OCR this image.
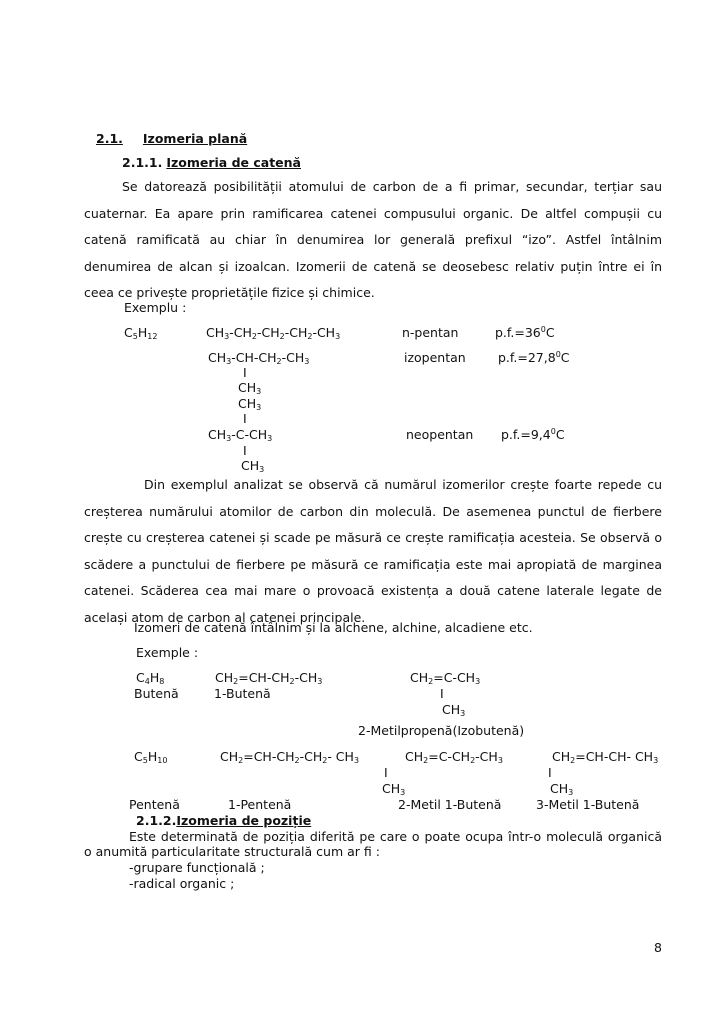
2.1. Izomeria plană
2.1.1. Izomeria de catenă
Se datorează posibilității atomului de carbon de a fi primar, secundar, terțiar sau cuaternar. Ea apare prin ramificarea catenei compusului organic. De altfel compușii cu catenă ramificată au chiar în denumirea lor generală prefixul “izo”. Astfel întâlnim denumirea de alcan și izoalcan. Izomerii de catenă se deosebesc relativ puțin între ei în ceea ce privește proprietățile fizice și chimice.
Exemplu :
$C_5H_{12}$	$CH_3-CH_2-CH_2-CH_2-CH_3$	n-pentan	$p.f.=36^0C$
$CH_3-CH-CH_2-CH_3$	izopentan	$p.f.=27,8^0C$
I
$CH_3$
$CH_3$
I
$CH_3-C-CH_3$	neopentan $p.f.=9,4^0C$
I
$CH_3$
Din exemplul analizat se observă că numărul izomerilor crește foarte repede cu creșterea numărului atomilor de carbon din moleculă. De asemenea punctul de fierbere crește cu creșterea catenei și scade pe măsură ce crește ramificația acesteia. Se observă o scădere a punctului de fierbere pe măsură ce ramificația este mai apropiată de marginea catenei. Scăderea cea mai mare o provoacă existența a două catene laterale legate de același atom de carbon al catenei principale.
Izomeri de catenă întâlnim și la alchene, alchine, alcadiene etc.
Exemple :
$C_4H_8$	$CH_2=CH-CH_2-CH_3$	$CH_2=C-CH_3$
Butenă	1-Butenă	I
$CH_3$
2-Metilpropenă(Izobutenă)
$C_5H_{10}$	$CH_2=CH-CH_2-CH_2-$ $CH_3$	$CH_2=C-CH_2-CH_3$	$CH_2=CH-CH-$ $CH_3$
I	I
$CH_3$	$CH_3$
Pentenă	1-Pentenă	2-Metil 1-Butenă	3-Metil 1-Butenă
2.1.2.Izomeria de poziție
Este determinată de poziția diferită pe care o poate ocupa într-o moleculă organică o anumită particularitate structurală cum ar fi :
-grupare funcțională ;
-radical organic ;
8
